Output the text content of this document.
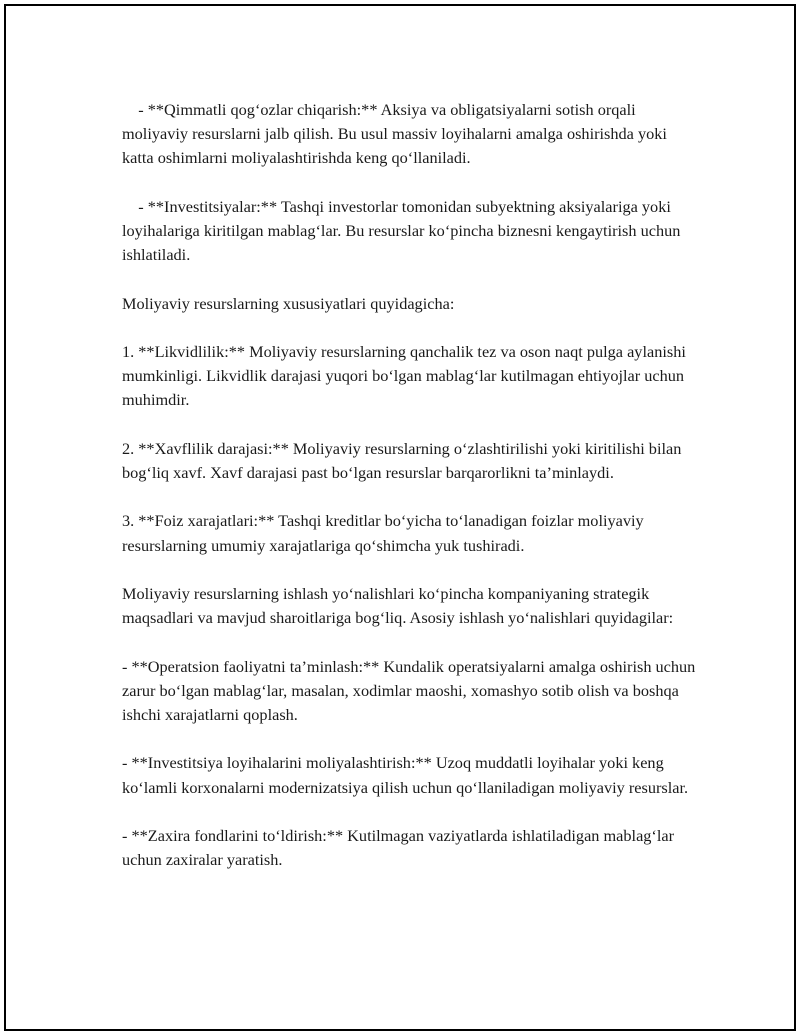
- **Qimmatli qog‘ozlar chiqarish:** Aksiya va obligatsiyalarni sotish orqali moliyaviy resurslarni jalb qilish. Bu usul massiv loyihalarni amalga oshirishda yoki katta oshimlarni moliyalashtirishda keng qo‘llaniladi.

- **Investitsiyalar:** Tashqi investorlar tomonidan subyektning aksiyalariga yoki loyihalariga kiritilgan mablag‘lar. Bu resurslar ko‘pincha biznesni kengaytirish uchun ishlatiladi.

Moliyaviy resurslarning xususiyatlari quyidagicha:

1. **Likvidlilik:** Moliyaviy resurslarning qanchalik tez va oson naqt pulga aylanishi mumkinligi. Likvidlik darajasi yuqori bo‘lgan mablag‘lar kutilmagan ehtiyojlar uchun muhimdir.

2. **Xavflilik darajasi:** Moliyaviy resurslarning o‘zlashtirilishi yoki kiritilishi bilan bog‘liq xavf. Xavf darajasi past bo‘lgan resurslar barqarorlikni ta’minlaydi.

3. **Foiz xarajatlari:** Tashqi kreditlar bo‘yicha to‘lanadigan foizlar moliyaviy resurslarning umumiy xarajatlariga qo‘shimcha yuk tushiradi.

Moliyaviy resurslarning ishlash yo‘nalishlari ko‘pincha kompaniyaning strategik maqsadlari va mavjud sharoitlariga bog‘liq. Asosiy ishlash yo‘nalishlari quyidagilar:

- **Operatsion faoliyatni ta’minlash:** Kundalik operatsiyalarni amalga oshirish uchun zarur bo‘lgan mablag‘lar, masalan, xodimlar maoshi, xomashyo sotib olish va boshqa ishchi xarajatlarni qoplash.

- **Investitsiya loyihalarini moliyalashtirish:** Uzoq muddatli loyihalar yoki keng ko‘lamli korxonalarni modernizatsiya qilish uchun qo‘llaniladigan moliyaviy resurslar.

- **Zaxira fondlarini to‘ldirish:** Kutilmagan vaziyatlarda ishlatiladigan mablag‘lar uchun zaxiralar yaratish.
